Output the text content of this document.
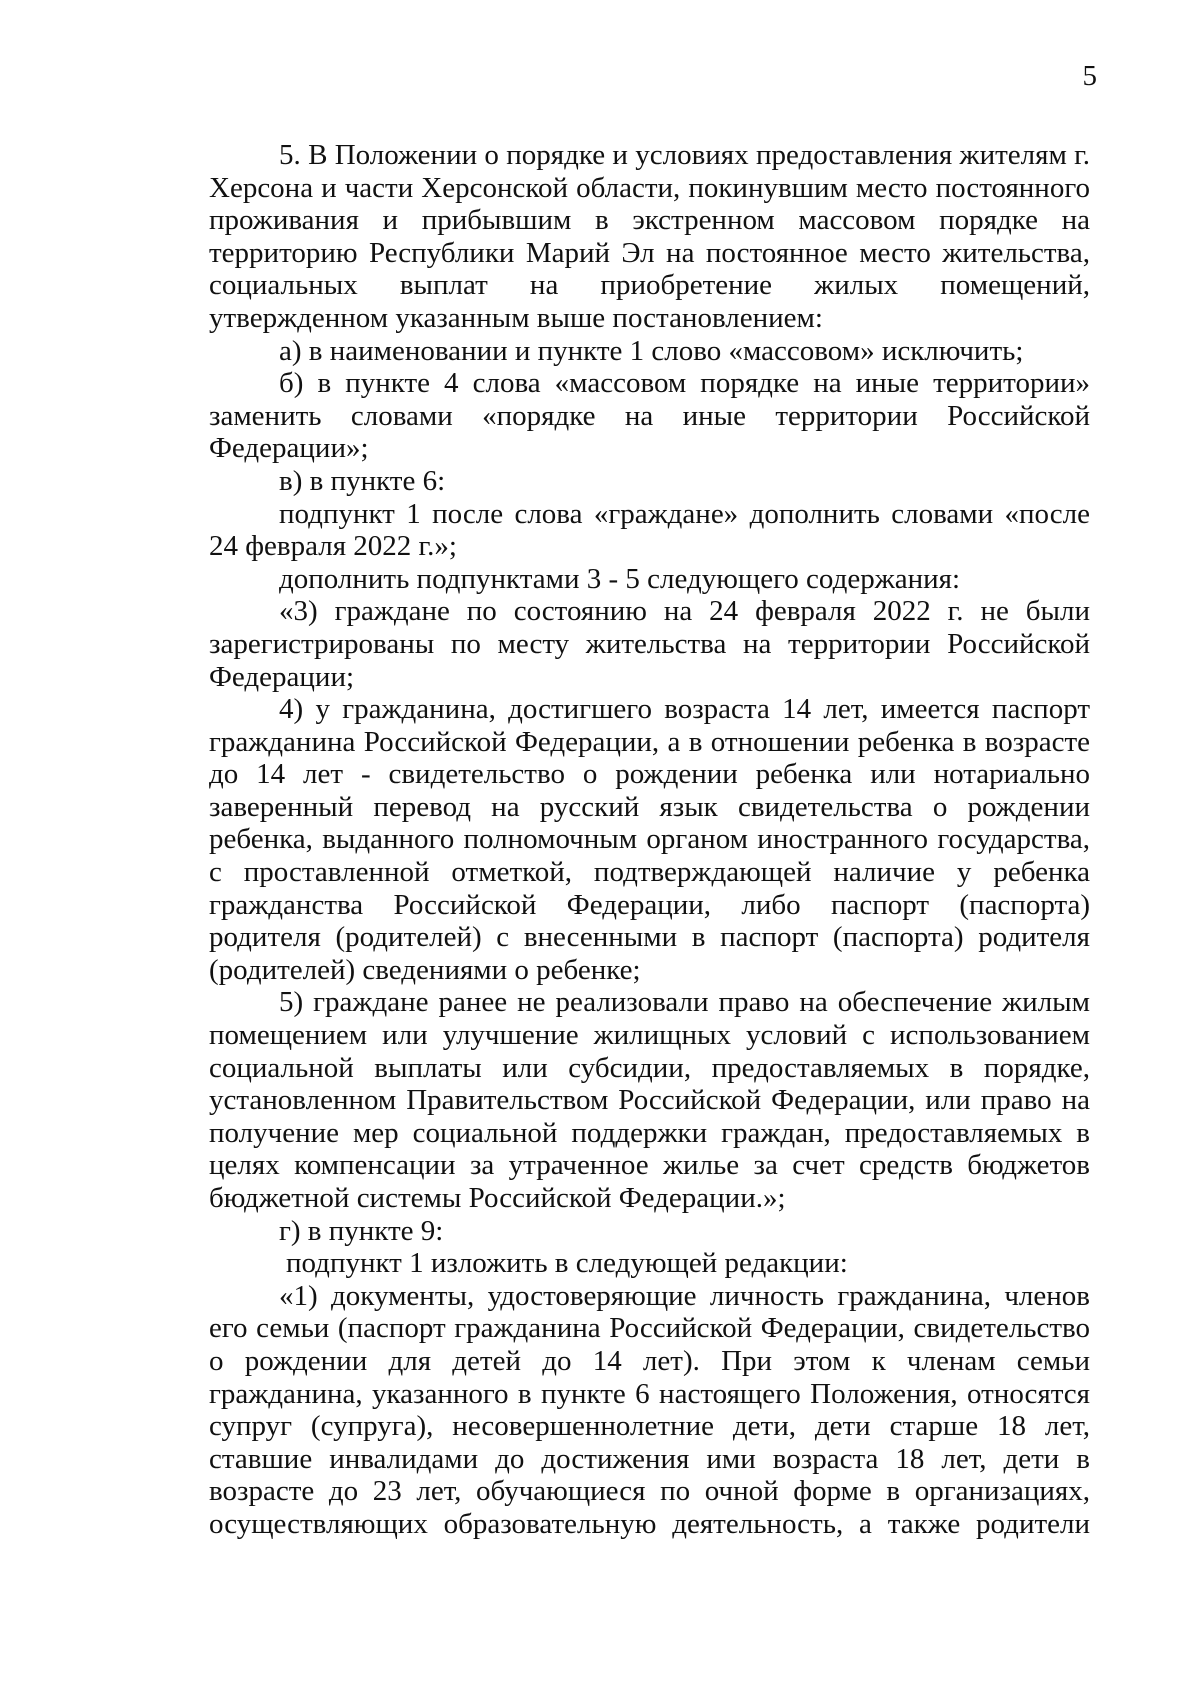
5

5. В Положении о порядке и условиях предоставления жителям г. Херсона и части Херсонской области, покинувшим место постоянного проживания и прибывшим в экстренном массовом порядке на территорию Республики Марий Эл на постоянное место жительства, социальных выплат на приобретение жилых помещений, утвержденном указанным выше постановлением:

а) в наименовании и пункте 1 слово «массовом» исключить;

б) в пункте 4 слова «массовом порядке на иные территории» заменить словами «порядке на иные территории Российской Федерации»;

в) в пункте 6:

подпункт 1 после слова «граждане» дополнить словами «после 24 февраля 2022 г.»;

дополнить подпунктами 3 - 5 следующего содержания:

«3) граждане по состоянию на 24 февраля 2022 г. не были зарегистрированы по месту жительства на территории Российской Федерации;

4) у гражданина, достигшего возраста 14 лет, имеется паспорт гражданина Российской Федерации, а в отношении ребенка в возрасте до 14 лет - свидетельство о рождении ребенка или нотариально заверенный перевод на русский язык свидетельства о рождении ребенка, выданного полномочным органом иностранного государства, с проставленной отметкой, подтверждающей наличие у ребенка гражданства Российской Федерации, либо паспорт (паспорта) родителя (родителей) с внесенными в паспорт (паспорта) родителя (родителей) сведениями о ребенке;

5) граждане ранее не реализовали право на обеспечение жилым помещением или улучшение жилищных условий с использованием социальной выплаты или субсидии, предоставляемых в порядке, установленном Правительством Российской Федерации, или право на получение мер социальной поддержки граждан, предоставляемых в целях компенсации за утраченное жилье за счет средств бюджетов бюджетной системы Российской Федерации.»;

г) в пункте 9:

подпункт 1 изложить в следующей редакции:

«1) документы, удостоверяющие личность гражданина, членов его семьи (паспорт гражданина Российской Федерации, свидетельство о рождении для детей до 14 лет). При этом к членам семьи гражданина, указанного в пункте 6 настоящего Положения, относятся супруг (супруга), несовершеннолетние дети, дети старше 18 лет, ставшие инвалидами до достижения ими возраста 18 лет, дети в возрасте до 23 лет, обучающиеся по очной форме в организациях, осуществляющих образовательную деятельность, а также родители
